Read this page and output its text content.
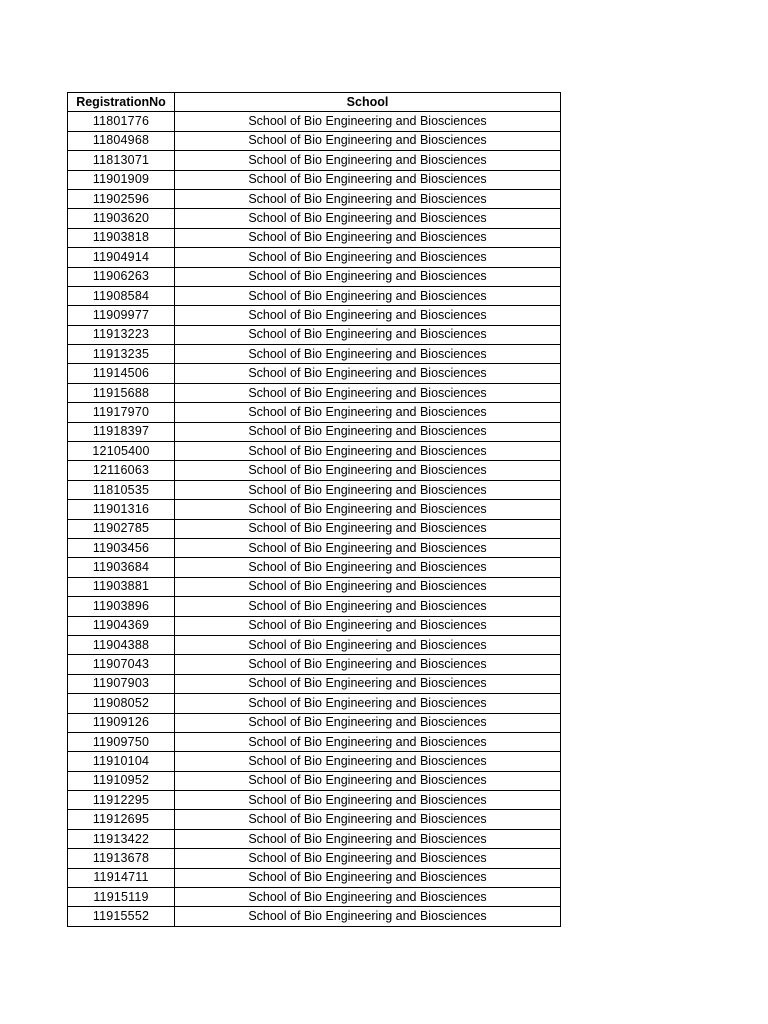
RegistrationNo	School
11801776	School of Bio Engineering and Biosciences
11804968	School of Bio Engineering and Biosciences
11813071	School of Bio Engineering and Biosciences
11901909	School of Bio Engineering and Biosciences
11902596	School of Bio Engineering and Biosciences
11903620	School of Bio Engineering and Biosciences
11903818	School of Bio Engineering and Biosciences
11904914	School of Bio Engineering and Biosciences
11906263	School of Bio Engineering and Biosciences
11908584	School of Bio Engineering and Biosciences
11909977	School of Bio Engineering and Biosciences
11913223	School of Bio Engineering and Biosciences
11913235	School of Bio Engineering and Biosciences
11914506	School of Bio Engineering and Biosciences
11915688	School of Bio Engineering and Biosciences
11917970	School of Bio Engineering and Biosciences
11918397	School of Bio Engineering and Biosciences
12105400	School of Bio Engineering and Biosciences
12116063	School of Bio Engineering and Biosciences
11810535	School of Bio Engineering and Biosciences
11901316	School of Bio Engineering and Biosciences
11902785	School of Bio Engineering and Biosciences
11903456	School of Bio Engineering and Biosciences
11903684	School of Bio Engineering and Biosciences
11903881	School of Bio Engineering and Biosciences
11903896	School of Bio Engineering and Biosciences
11904369	School of Bio Engineering and Biosciences
11904388	School of Bio Engineering and Biosciences
11907043	School of Bio Engineering and Biosciences
11907903	School of Bio Engineering and Biosciences
11908052	School of Bio Engineering and Biosciences
11909126	School of Bio Engineering and Biosciences
11909750	School of Bio Engineering and Biosciences
11910104	School of Bio Engineering and Biosciences
11910952	School of Bio Engineering and Biosciences
11912295	School of Bio Engineering and Biosciences
11912695	School of Bio Engineering and Biosciences
11913422	School of Bio Engineering and Biosciences
11913678	School of Bio Engineering and Biosciences
11914711	School of Bio Engineering and Biosciences
11915119	School of Bio Engineering and Biosciences
11915552	School of Bio Engineering and Biosciences
